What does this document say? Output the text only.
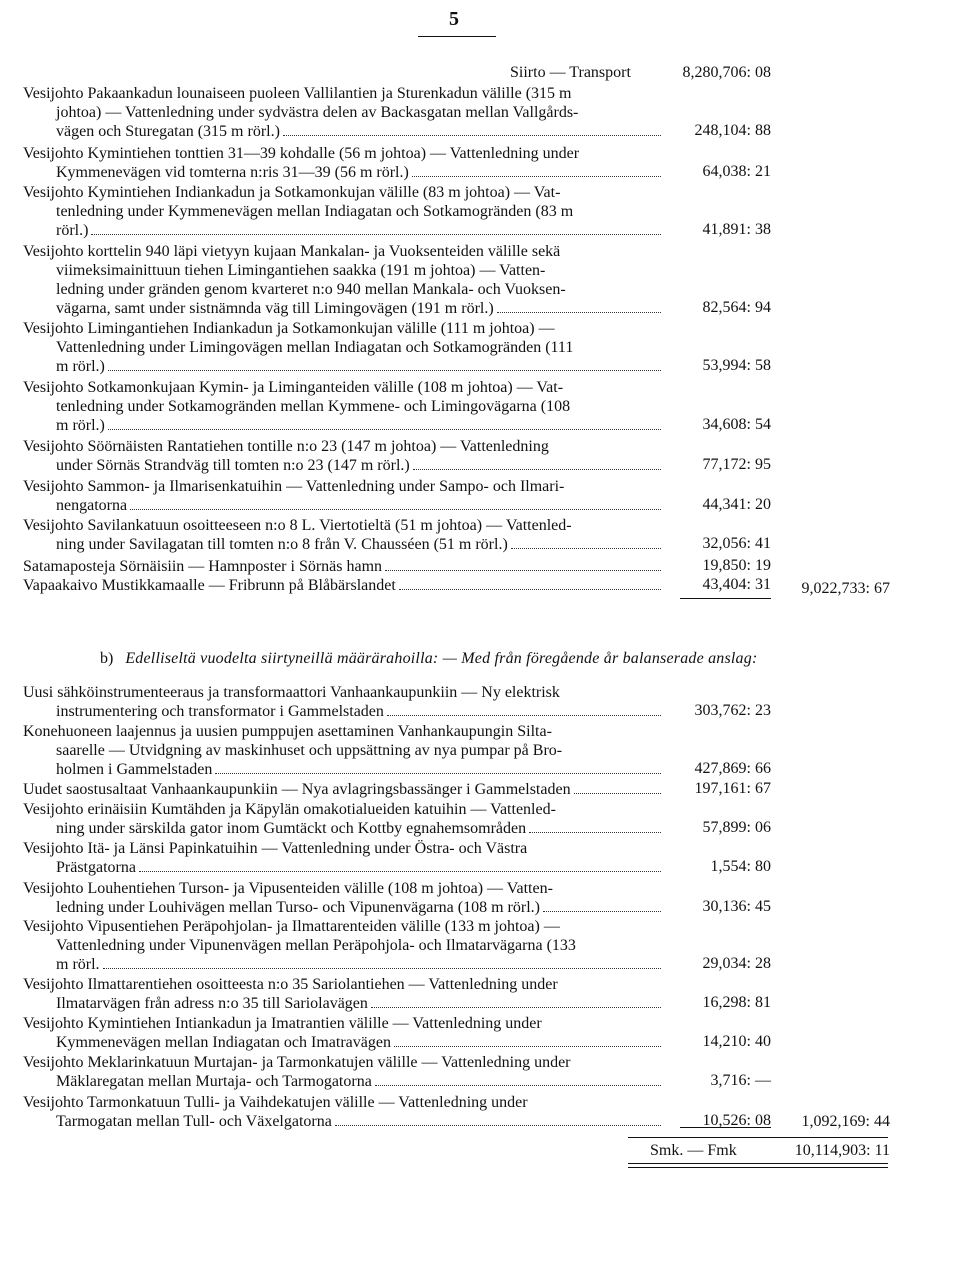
5
Siirto — Transport	8,280,706: 08
Vesijohto Pakaankadun lounaiseen puoleen Vallilantien ja Sturenkadun välille (315 m
johtoa) — Vattenledning under sydvästra delen av Backasgatan mellan Vallgårds-
vägen och Sturegatan (315 m rörl.)	248,104: 88
Vesijohto Kymintiehen tonttien 31—39 kohdalle (56 m johtoa) — Vattenledning under
Kymmenevägen vid tomterna n:ris 31—39 (56 m rörl.)	64,038: 21
Vesijohto Kymintiehen Indiankadun ja Sotkamonkujan välille (83 m johtoa) — Vat-
tenledning under Kymmenevägen mellan Indiagatan och Sotkamogränden (83 m
rörl.)	41,891: 38
Vesijohto korttelin 940 läpi vietyyn kujaan Mankalan- ja Vuoksenteiden välille sekä
viimeksimainittuun tiehen Limingantiehen saakka (191 m johtoa) — Vatten-
ledning under gränden genom kvarteret n:o 940 mellan Mankala- och Vuoksen-
vägarna, samt under sistnämnda väg till Limingovägen (191 m rörl.)	82,564: 94
Vesijohto Limingantiehen Indiankadun ja Sotkamonkujan välille (111 m johtoa) —
Vattenledning under Limingovägen mellan Indiagatan och Sotkamogränden (111
m rörl.)	53,994: 58
Vesijohto Sotkamonkujaan Kymin- ja Liminganteiden välille (108 m johtoa) — Vat-
tenledning under Sotkamogränden mellan Kymmene- och Limingovägarna (108
m rörl.)	34,608: 54
Vesijohto Söörnäisten Rantatiehen tontille n:o 23 (147 m johtoa) — Vattenledning
under Sörnäs Strandväg till tomten n:o 23 (147 m rörl.)	77,172: 95
Vesijohto Sammon- ja Ilmarisenkatuihin — Vattenledning under Sampo- och Ilmari-
nengatorna	44,341: 20
Vesijohto Savilankatuun osoitteeseen n:o 8 L. Viertotieltä (51 m johtoa) — Vattenled-
ning under Savilagatan till tomten n:o 8 från V. Chausséen (51 m rörl.)	32,056: 41
Satamaposteja Sörnäisiin — Hamnposter i Sörnäs hamn	19,850: 19
Vapaakaivo Mustikkamaalle — Fribrunn på Blåbärslandet	43,404: 31	9,022,733: 67
b) Edelliseltä vuodelta siirtyneillä määrärahoilla: — Med från föregående år balanserade anslag:
Uusi sähköinstrumenteeraus ja transformaattori Vanhaankaupunkiin — Ny elektrisk
instrumentering och transformator i Gammelstaden	303,762: 23
Konehuoneen laajennus ja uusien pumppujen asettaminen Vanhankaupungin Silta-
saarelle — Utvidgning av maskinhuset och uppsättning av nya pumpar på Bro-
holmen i Gammelstaden	427,869: 66
Uudet saostusaltaat Vanhaankaupunkiin — Nya avlagringsbassänger i Gammelstaden	197,161: 67
Vesijohto erinäisiin Kumtähden ja Käpylän omakotialueiden katuihin — Vattenled-
ning under särskilda gator inom Gumtäckt och Kottby egnahemsområden	57,899: 06
Vesijohto Itä- ja Länsi Papinkatuihin — Vattenledning under Östra- och Västra
Prästgatorna	1,554: 80
Vesijohto Louhentiehen Turson- ja Vipusenteiden välille (108 m johtoa) — Vatten-
ledning under Louhivägen mellan Turso- och Vipunenvägarna (108 m rörl.)	30,136: 45
Vesijohto Vipusentiehen Peräpohjolan- ja Ilmattarenteiden välille (133 m johtoa) —
Vattenledning under Vipunenvägen mellan Peräpohjola- och Ilmatarvägarna (133
m rörl.	29,034: 28
Vesijohto Ilmattarentiehen osoitteesta n:o 35 Sariolantiehen — Vattenledning under
Ilmatarvägen från adress n:o 35 till Sariolavägen	16,298: 81
Vesijohto Kymintiehen Intiankadun ja Imatrantien välille — Vattenledning under
Kymmenevägen mellan Indiagatan och Imatravägen	14,210: 40
Vesijohto Meklarinkatuun Murtajan- ja Tarmonkatujen välille — Vattenledning under
Mäklaregatan mellan Murtaja- och Tarmogatorna	3,716: —
Vesijohto Tarmonkatuun Tulli- ja Vaihdekatujen välille — Vattenledning under
Tarmogatan mellan Tull- och Växelgatorna	10,526: 08	1,092,169: 44
Smk. — Fmk	10,114,903: 11
